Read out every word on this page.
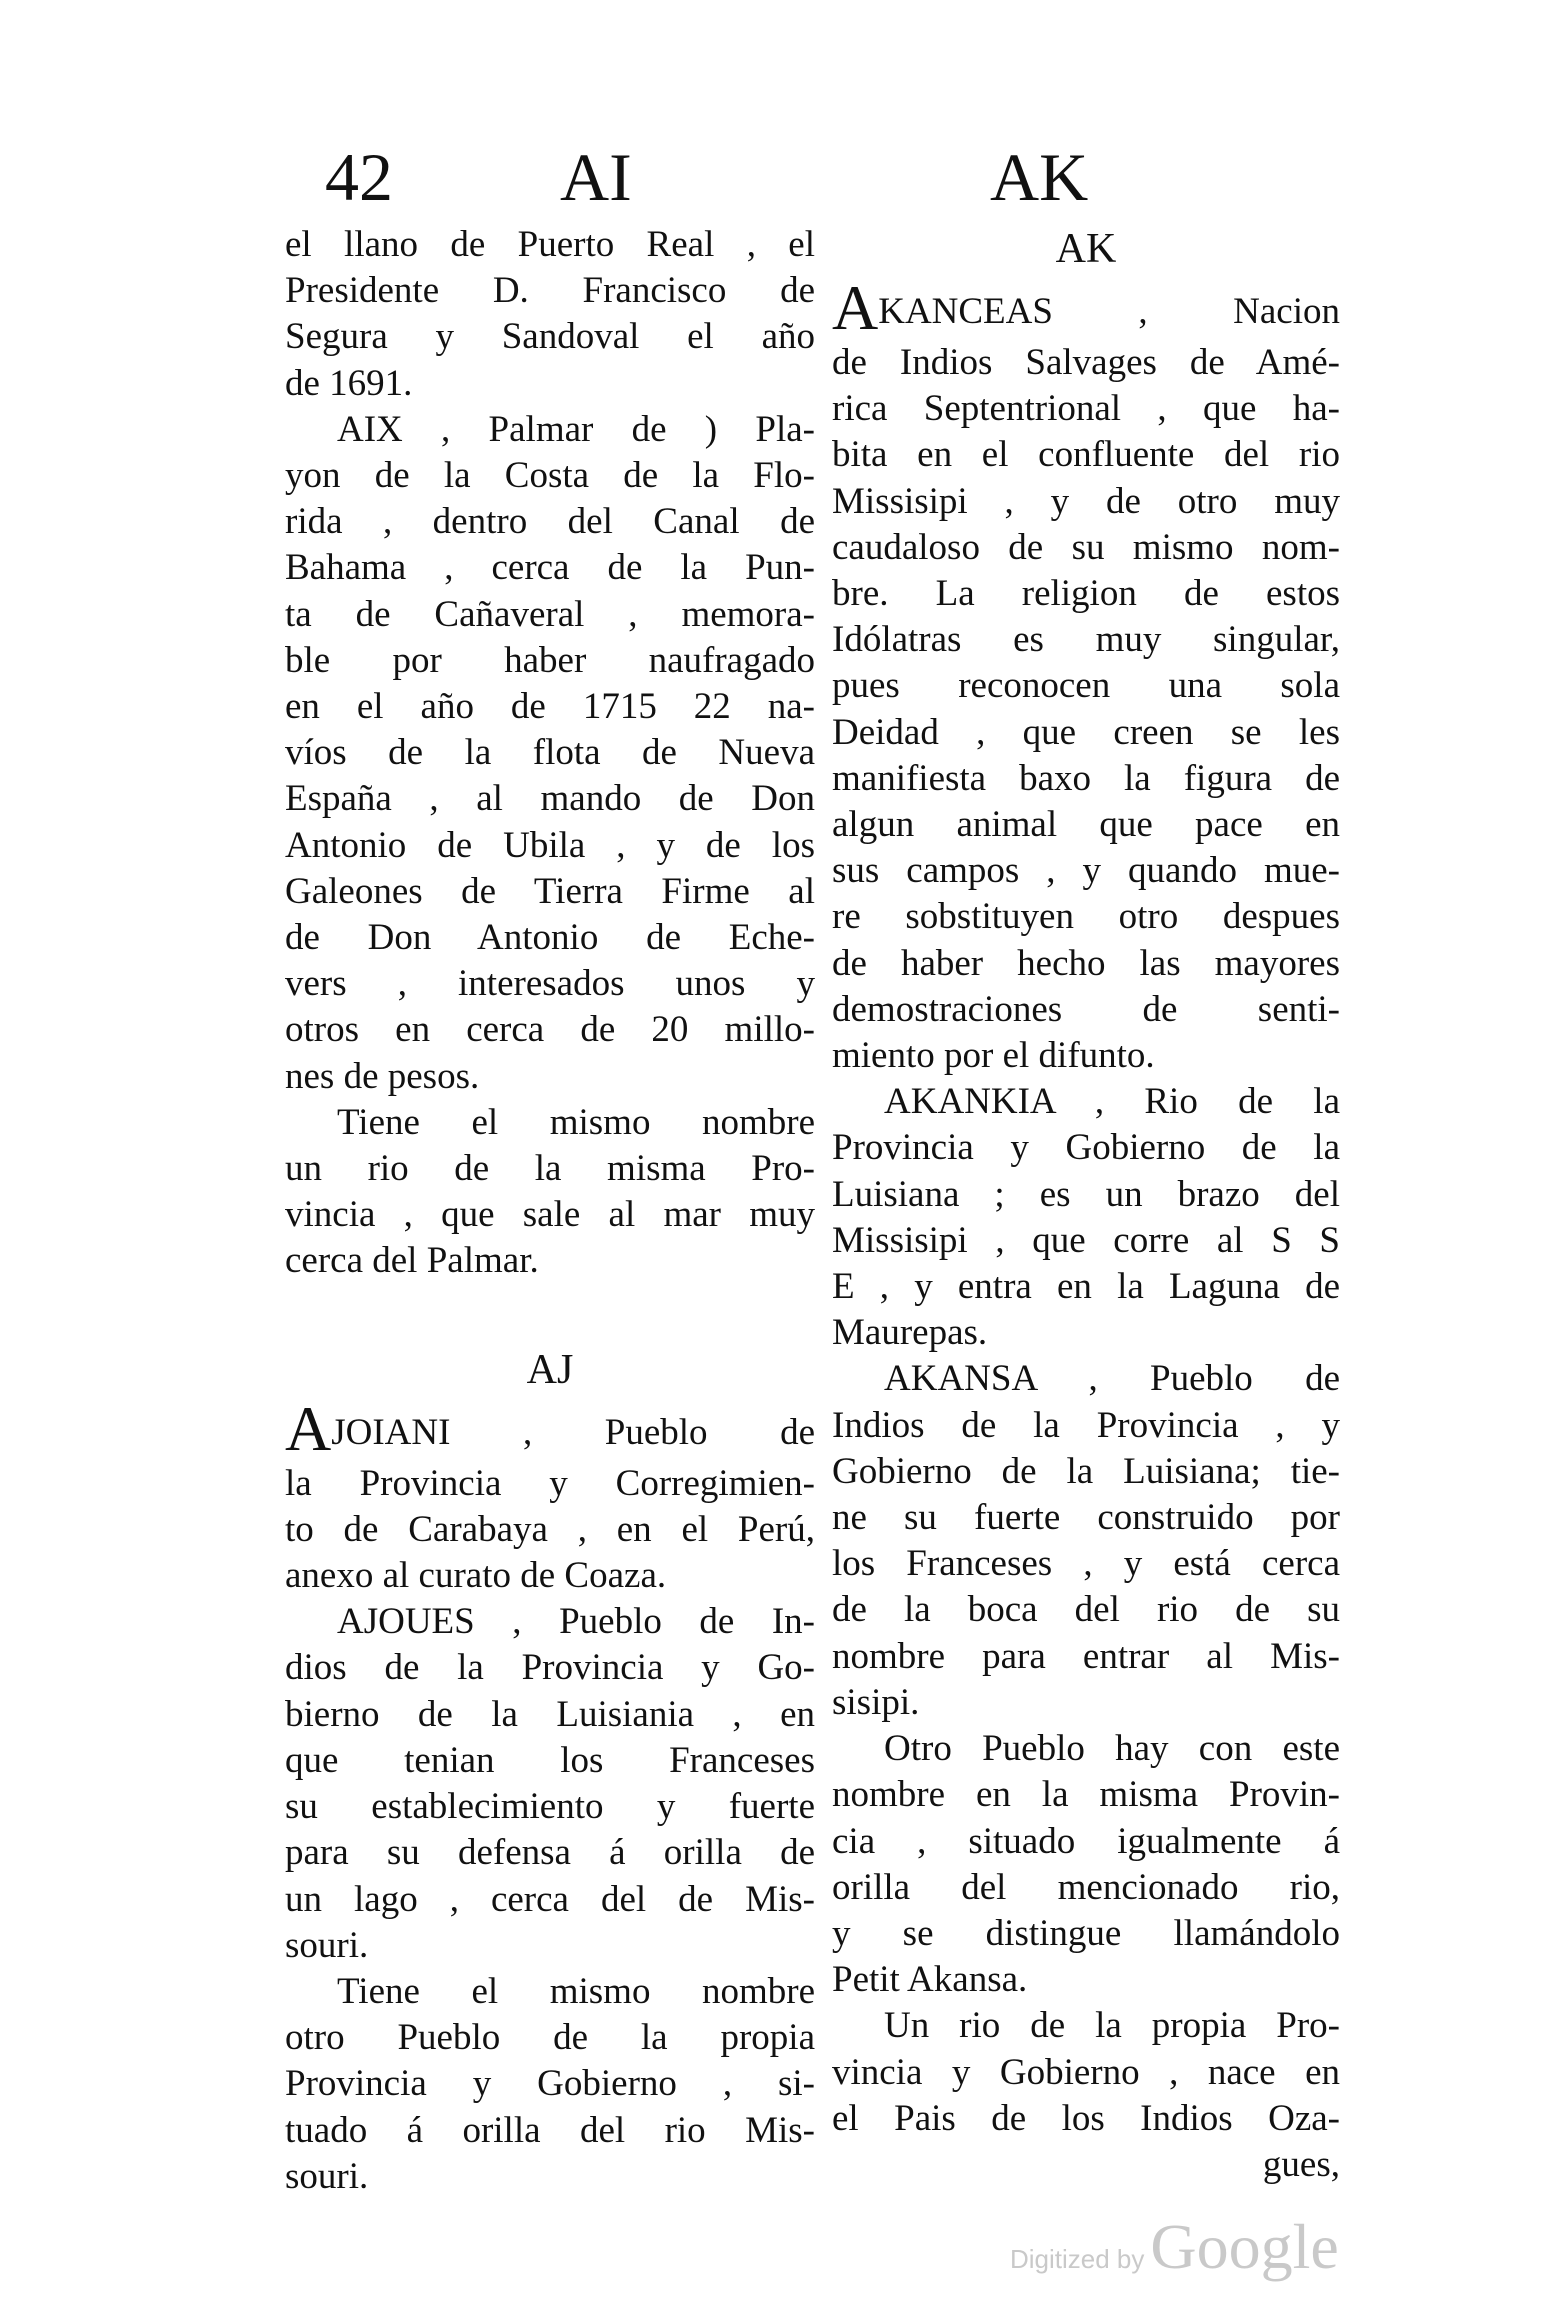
42 AI	AK
el llano de Puerto Real , el
Presidente D. Francisco de
Segura y Sandoval el año
de 1691.
AIX , Palmar de ) Pla-
yon de la Costa de la Flo-
rida , dentro del Canal de
Bahama , cerca de la Pun-
ta de Cañaveral , memora-
ble por haber naufragado
en el año de 1715 22 na-
víos de la flota de Nueva
España , al mando de Don
Antonio de Ubila , y de los
Galeones de Tierra Firme al
de Don Antonio de Eche-
vers , interesados unos y
otros en cerca de 20 millo-
nes de pesos.
Tiene el mismo nombre
un rio de la misma Pro-
vincia , que sale al mar muy
cerca del Palmar.
AJ
AJOIANI , Pueblo de
la Provincia y Corregimien-
to de Carabaya , en el Perú,
anexo al curato de Coaza.
AJOUES , Pueblo de In-
dios de la Provincia y Go-
bierno de la Luisiania , en
que tenian los Franceses
su establecimiento y fuerte
para su defensa á orilla de
un lago , cerca del de Mis-
souri.
Tiene el mismo nombre
otro Pueblo de la propia
Provincia y Gobierno , si-
tuado á orilla del rio Mis-
souri.
AK
AKANCEAS , Nacion
de Indios Salvages de Amé-
rica Septentrional , que ha-
bita en el confluente del rio
Missisipi , y de otro muy
caudaloso de su mismo nom-
bre. La religion de estos
Idólatras es muy singular,
pues reconocen una sola
Deidad , que creen se les
manifiesta baxo la figura de
algun animal que pace en
sus campos , y quando mue-
re sobstituyen otro despues
de haber hecho las mayores
demostraciones de senti-
miento por el difunto.
AKANKIA , Rio de la
Provincia y Gobierno de la
Luisiana ; es un brazo del
Missisipi , que corre al S S
E , y entra en la Laguna de
Maurepas.
AKANSA , Pueblo de
Indios de la Provincia , y
Gobierno de la Luisiana; tie-
ne su fuerte construido por
los Franceses , y está cerca
de la boca del rio de su
nombre para entrar al Mis-
sisipi.
Otro Pueblo hay con este
nombre en la misma Provin-
cia , situado igualmente á
orilla del mencionado rio,
y se distingue llamándolo
Petit Akansa.
Un rio de la propia Pro-
vincia y Gobierno , nace en
el Pais de los Indios Oza-
gues,
Digitized byGoogle
